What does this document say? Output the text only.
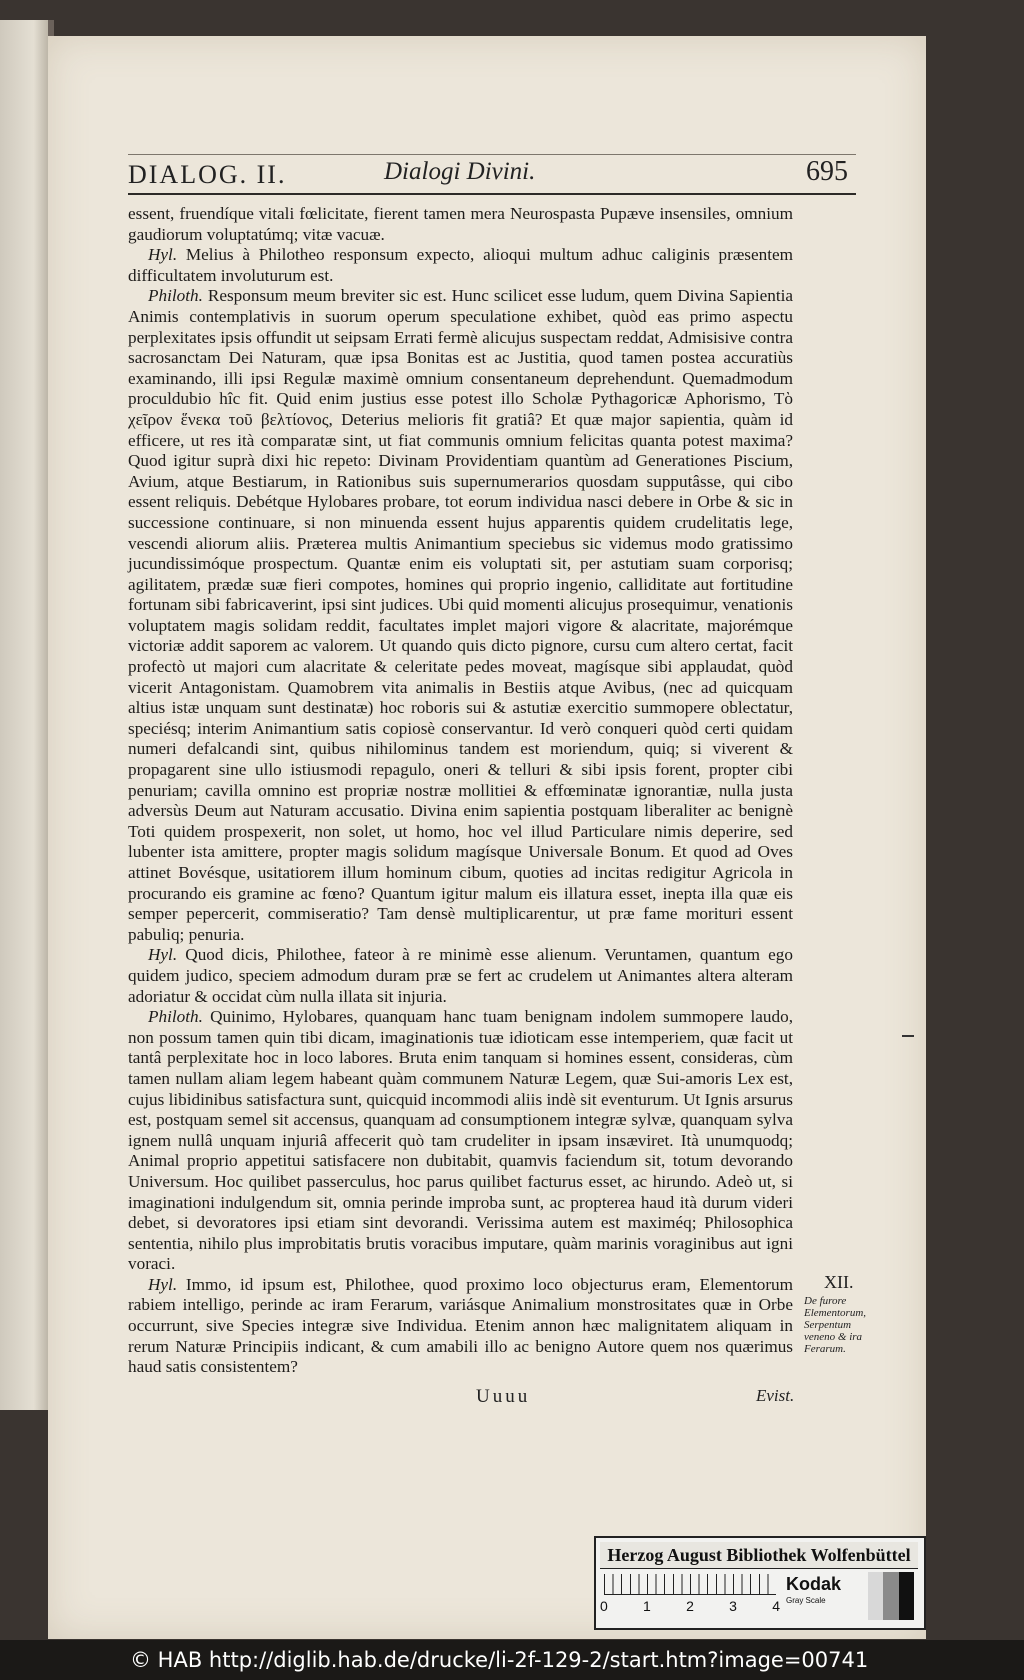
DIALOG. II.	Dialogi Divini.	695

essent, fruendíque vitali fœlicitate, fierent tamen mera Neurospasta Pupæve insensiles, omnium gaudiorum voluptatúmq; vitæ vacuæ.

Hyl. Melius à Philotheo responsum expecto, alioqui multum adhuc caliginis præsentem difficultatem involuturum est.

Philoth. Responsum meum breviter sic est. Hunc scilicet esse ludum, quem Divina Sapientia Animis contemplativis in suorum operum speculatione exhibet, quòd eas primo aspectu perplexitates ipsis offundit ut seipsam Errati fermè alicujus suspectam reddat, Admisisive contra sacrosanctam Dei Naturam, quæ ipsa Bonitas est ac Justitia, quod tamen postea accuratiùs examinando, illi ipsi Regulæ maximè omnium consentaneum deprehendunt. Quemadmodum proculdubio hîc fit. Quid enim justius esse potest illo Scholæ Pythagoricæ Aphorismo, Τὸ χεῖρον ἕνεκα τοῦ βελτίονος, Deterius melioris fit gratiâ? Et quæ major sapientia, quàm id efficere, ut res ità comparatæ sint, ut fiat communis omnium felicitas quanta potest maxima? Quod igitur suprà dixi hic repeto: Divinam Providentiam quantùm ad Generationes Piscium, Avium, atque Bestiarum, in Rationibus suis supernumerarios quosdam supputâsse, qui cibo essent reliquis. Debétque Hylobares probare, tot eorum individua nasci debere in Orbe & sic in successione continuare, si non minuenda essent hujus apparentis quidem crudelitatis lege, vescendi aliorum aliis. Præterea multis Animantium speciebus sic videmus modo gratissimo jucundissimóque prospectum. Quantæ enim eis voluptati sit, per astutiam suam corporisq; agilitatem, prædæ suæ fieri compotes, homines qui proprio ingenio, calliditate aut fortitudine fortunam sibi fabricaverint, ipsi sint judices. Ubi quid momenti alicujus prosequimur, venationis voluptatem magis solidam reddit, facultates implet majori vigore & alacritate, majorémque victoriæ addit saporem ac valorem. Ut quando quis dicto pignore, cursu cum altero certat, facit profectò ut majori cum alacritate & celeritate pedes moveat, magísque sibi applaudat, quòd vicerit Antagonistam. Quamobrem vita animalis in Bestiis atque Avibus, (nec ad quicquam altius istæ unquam sunt destinatæ) hoc roboris sui & astutiæ exercitio summopere oblectatur, speciésq; interim Animantium satis copiosè conservantur. Id verò conqueri quòd certi quidam numeri defalcandi sint, quibus nihilominus tandem est moriendum, quiq; si viverent & propagarent sine ullo istiusmodi repagulo, oneri & telluri & sibi ipsis forent, propter cibi penuriam; cavilla omnino est propriæ nostræ mollitiei & effœminatæ ignorantiæ, nulla justa adversùs Deum aut Naturam accusatio. Divina enim sapientia postquam liberaliter ac benignè Toti quidem prospexerit, non solet, ut homo, hoc vel illud Particulare nimis deperire, sed lubenter ista amittere, propter magis solidum magísque Universale Bonum. Et quod ad Oves attinet Bovésque, usitatiorem illum hominum cibum, quoties ad incitas redigitur Agricola in procurando eis gramine ac fœno? Quantum igitur malum eis illatura esset, inepta illa quæ eis semper pepercerit, commiseratio? Tam densè multiplicarentur, ut præ fame morituri essent pabuliq; penuria.

Hyl. Quod dicis, Philothee, fateor à re minimè esse alienum. Veruntamen, quantum ego quidem judico, speciem admodum duram præ se fert ac crudelem ut Animantes altera alteram adoriatur & occidat cùm nulla illata sit injuria.

Philoth. Quinimo, Hylobares, quanquam hanc tuam benignam indolem summopere laudo, non possum tamen quin tibi dicam, imaginationis tuæ idioticam esse intemperiem, quæ facit ut tantâ perplexitate hoc in loco labores. Bruta enim tanquam si homines essent, consideras, cùm tamen nullam aliam legem habeant quàm communem Naturæ Legem, quæ Sui-amoris Lex est, cujus libidinibus satisfactura sunt, quicquid incommodi aliis indè sit eventurum. Ut Ignis arsurus est, postquam semel sit accensus, quanquam ad consumptionem integræ sylvæ, quanquam sylva ignem nullâ unquam injuriâ affecerit quò tam crudeliter in ipsam insæviret. Ità unumquodq; Animal proprio appetitui satisfacere non dubitabit, quamvis faciendum sit, totum devorando Universum. Hoc quilibet passerculus, hoc parus quilibet facturus esset, ac hirundo. Adeò ut, si imaginationi indulgendum sit, omnia perinde improba sunt, ac propterea haud ità durum videri debet, si devoratores ipsi etiam sint devorandi. Verissima autem est maximéq; Philosophica sententia, nihilo plus improbitatis brutis voracibus imputare, quàm marinis voraginibus aut igni voraci.

Hyl. Immo, id ipsum est, Philothee, quod proximo loco objecturus eram, Elementorum rabiem intelligo, perinde ac iram Ferarum, variásque Animalium monstrositates quæ in Orbe occurrunt, sive Species integræ sive Individua. Etenim annon hæc malignitatem aliquam in rerum Naturæ Principiis indicant, & cum amabili illo ac benigno Autore quem nos quærimus haud satis consistentem?

XII.
De furore Elementorum, Serpentum veneno & ira Ferarum.
Uuuu	Evist.
Herzog August Bibliothek Wolfenbüttel
0	1	2	3	4
Kodak
Gray Scale
© HAB http://diglib.hab.de/drucke/li-2f-129-2/start.htm?image=00741
